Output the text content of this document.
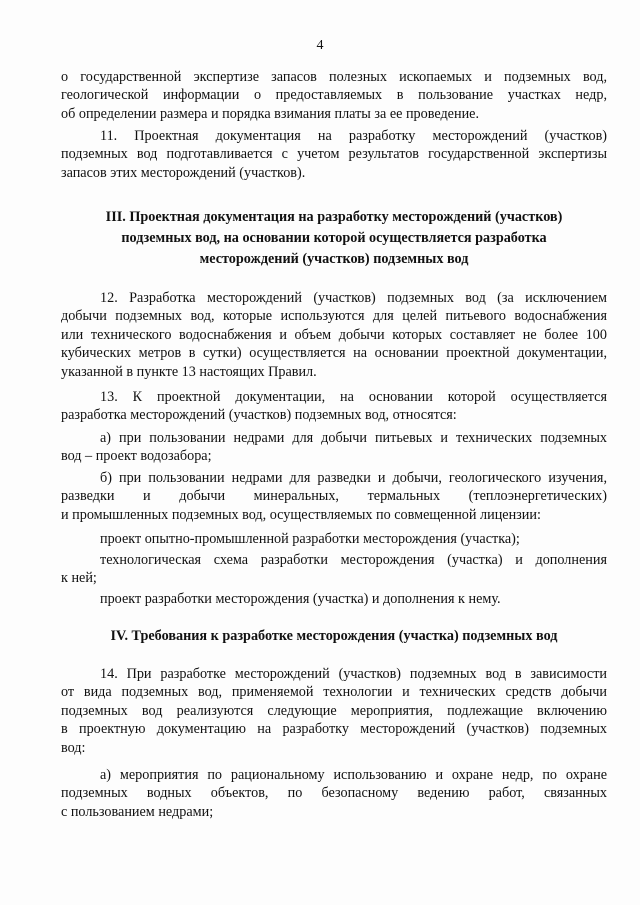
4
о государственной экспертизе запасов полезных ископаемых и подземных вод,
геологической информации о предоставляемых в пользование участках недр,
об определении размера и порядка взимания платы за ее проведение.
11. Проектная документация на разработку месторождений (участков)
подземных вод подготавливается с учетом результатов государственной экспертизы
запасов этих месторождений (участков).
III. Проектная документация на разработку месторождений (участков)
подземных вод, на основании которой осуществляется разработка
месторождений (участков) подземных вод
12. Разработка месторождений (участков) подземных вод (за исключением
добычи подземных вод, которые используются для целей питьевого водоснабжения
или технического водоснабжения и объем добычи которых составляет не более 100
кубических метров в сутки) осуществляется на основании проектной документации,
указанной в пункте 13 настоящих Правил.
13. К проектной документации, на основании которой осуществляется
разработка месторождений (участков) подземных вод, относятся:
а) при пользовании недрами для добычи питьевых и технических подземных
вод – проект водозабора;
б) при пользовании недрами для разведки и добычи, геологического изучения,
разведки и добычи минеральных, термальных (теплоэнергетических)
и промышленных подземных вод, осуществляемых по совмещенной лицензии:
проект опытно-промышленной разработки месторождения (участка);
технологическая схема разработки месторождения (участка) и дополнения
к ней;
проект разработки месторождения (участка) и дополнения к нему.
IV. Требования к разработке месторождения (участка) подземных вод
14. При разработке месторождений (участков) подземных вод в зависимости
от вида подземных вод, применяемой технологии и технических средств добычи
подземных вод реализуются следующие мероприятия, подлежащие включению
в проектную документацию на разработку месторождений (участков) подземных
вод:
а) мероприятия по рациональному использованию и охране недр, по охране
подземных водных объектов, по безопасному ведению работ, связанных
с пользованием недрами;
